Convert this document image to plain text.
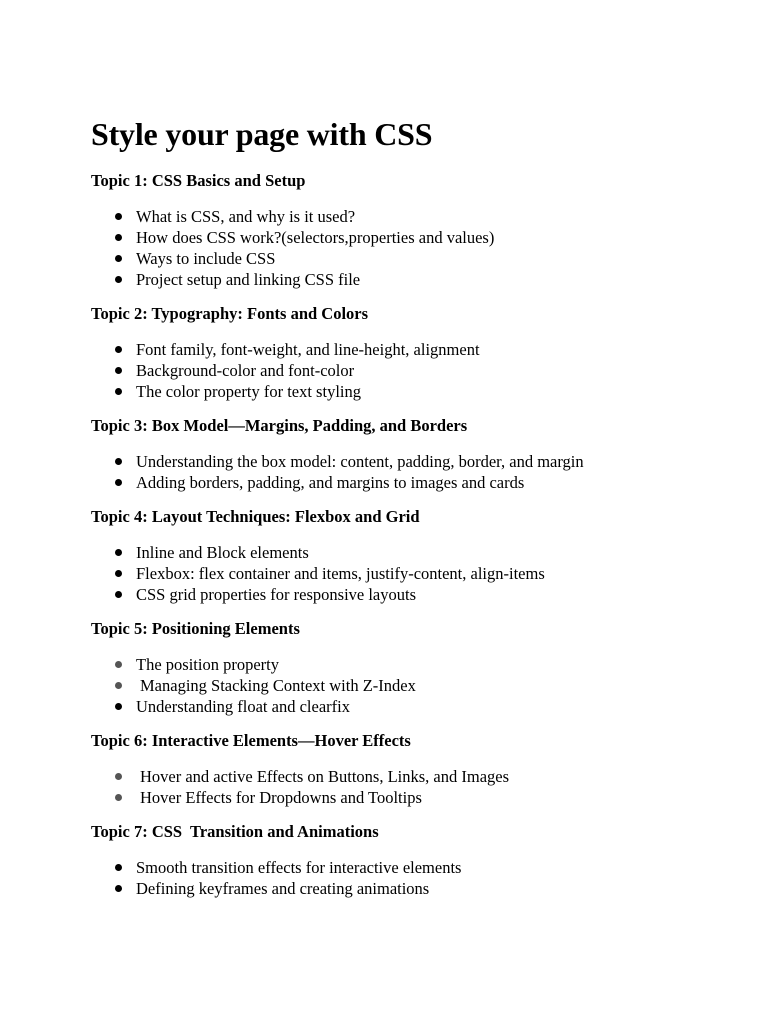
Style your page with CSS
Topic 1: CSS Basics and Setup
What is CSS, and why is it used?
How does CSS work?(selectors,properties and values)
Ways to include CSS
Project setup and linking CSS file
Topic 2: Typography: Fonts and Colors
Font family, font-weight, and line-height, alignment
Background-color and font-color
The color property for text styling
Topic 3: Box Model—Margins, Padding, and Borders
Understanding the box model: content, padding, border, and margin
Adding borders, padding, and margins to images and cards
Topic 4: Layout Techniques: Flexbox and Grid
Inline and Block elements
Flexbox: flex container and items, justify-content, align-items
CSS grid properties for responsive layouts
Topic 5: Positioning Elements
The position property
Managing Stacking Context with Z-Index
Understanding float and clearfix
Topic 6: Interactive Elements—Hover Effects
Hover and active Effects on Buttons, Links, and Images
Hover Effects for Dropdowns and Tooltips
Topic 7: CSS  Transition and Animations
Smooth transition effects for interactive elements
Defining keyframes and creating animations
